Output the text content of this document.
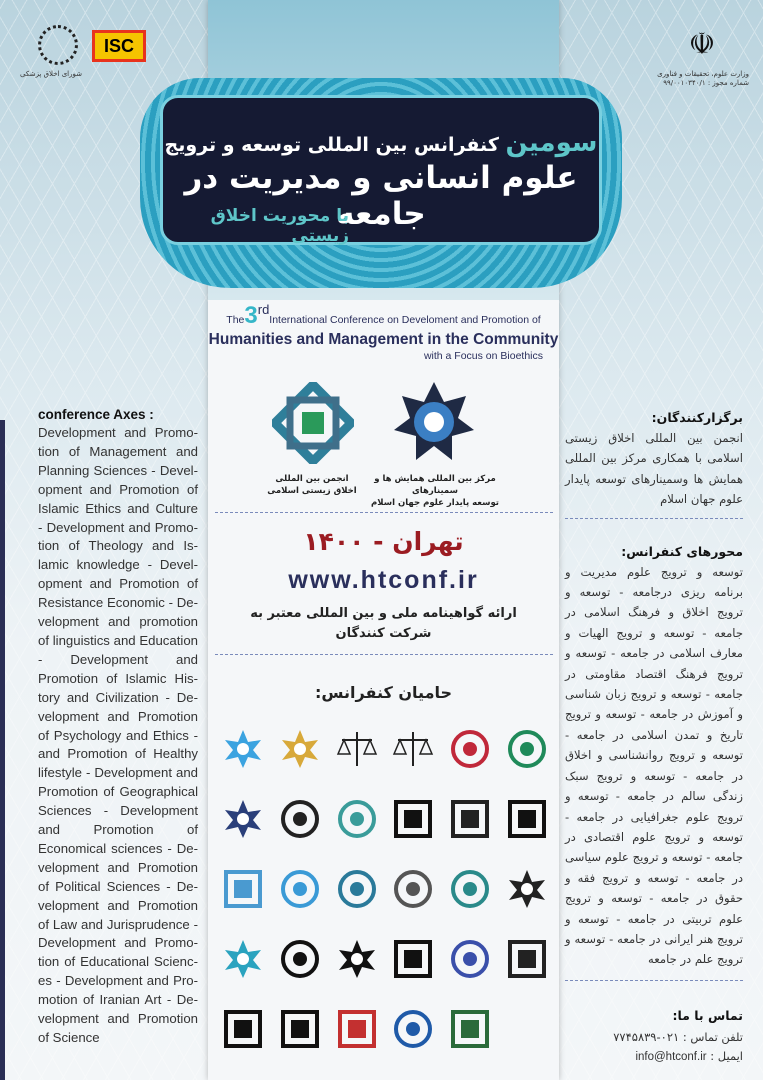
شورای اخلاق پزشکی
ISC	☫
وزارت علوم، تحقیقات و فناوری
شماره مجوز : ۹۹/۰۰۱۰۳۴۰/۱
سومین کنفرانس بین المللی توسعه و ترویج
علوم انسانی و مدیریت در جامعه
با محوریت اخلاق زیستی
The3rdInternational Conference on Develoment and Promotion of
Humanities and Management in the Community
with a Focus on Bioethics
مرکز بین المللی همایش ها و سمینارهای
توسعه پایدار علوم جهان اسلام
انجمن بین المللی
اخلاق زیستی اسلامی
تهران - ۱۴۰۰
www.htconf.ir
ارائه گواهینامه ملی و بین المللی معتبر به
شرکت کنندگان
حامیان کنفرانس:
conference Axes :

Development and Promotion of Management and Planning Sciences - Development and Promotion of Islamic Ethics and Culture - Development and Promotion of Theology and Islamic knowledge - Development and Promotion of Resistance Economic - Development and promotion of linguistics and Education - Development and Promotion of Islamic History and Civilization - Development and Promotion of Psychology and Ethics - and Promotion of Healthy lifestyle - Development and Promotion of Geographical Sciences - Development and Promotion of Economical sciences - Development and Promotion of Political Sciences - Development and Promotion of Law and Jurisprudence - Development and Promotion of Educational Sciences - Development and Promotion of Iranian Art - Development and Promotion of Science

برگزارکنندگان:

انجمن بین المللی اخلاق زیستی اسلامی با همکاری مرکز بین المللی همایش ها وسمینارهای توسعه پایدار علوم جهان اسلام

محورهای کنفرانس:

توسعه و ترویج علوم مدیریت و برنامه ریزی درجامعه - توسعه و ترویج اخلاق و فرهنگ اسلامی در جامعه - توسعه و ترویج الهیات و معارف اسلامی در جامعه - توسعه و ترویج فرهنگ اقتصاد مقاومتی در جامعه - توسعه و ترویج زبان شناسی و آموزش در جامعه - توسعه و ترویج تاریخ و تمدن اسلامی در جامعه - توسعه و ترویج روانشناسی و اخلاق در جامعه - توسعه و ترویج سبک زندگی سالم در جامعه - توسعه و ترویج علوم جغرافیایی در جامعه - توسعه و ترویج علوم اقتصادی در جامعه - توسعه و ترویج علوم سیاسی در جامعه - توسعه و ترویج فقه و حقوق در جامعه - توسعه و ترویج علوم تربیتی در جامعه - توسعه و ترویج هنر ایرانی در جامعه - توسعه و ترویج علم در جامعه

تماس با ما:
تلفن تماس : ۰۲۱-۷۷۴۵۸۳۹
ایمیل : info@htconf.ir
